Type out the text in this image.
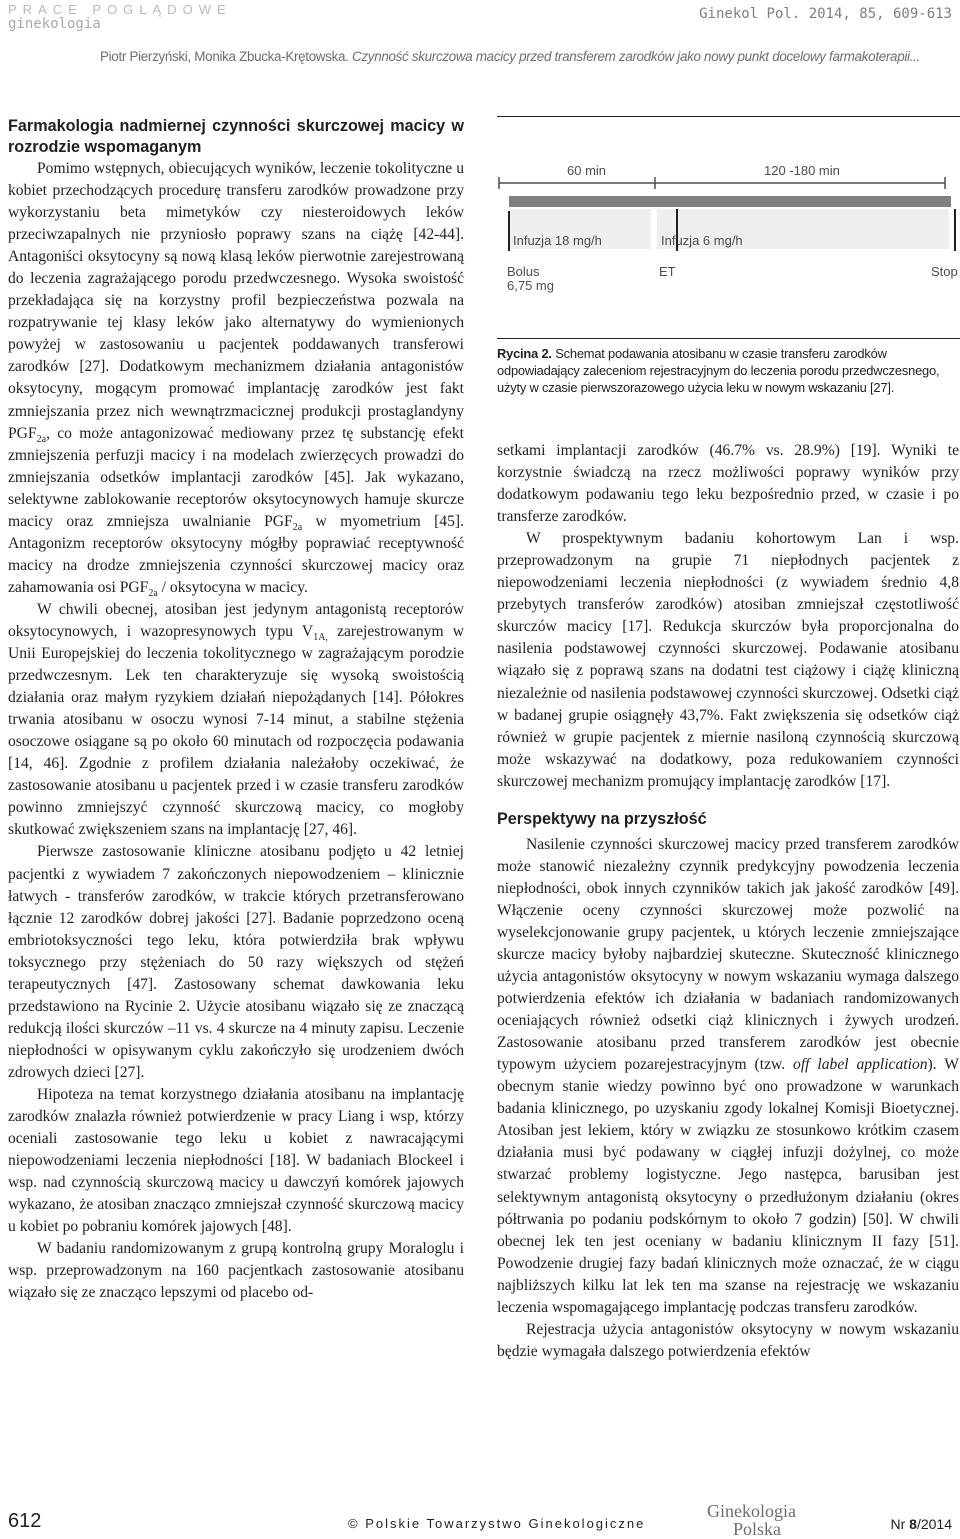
PRACE POGLĄDOWE
ginekologia
Ginekol Pol. 2014, 85, 609-613
Piotr Pierzyński, Monika Zbucka-Krętowska. Czynność skurczowa macicy przed transferem zarodków jako nowy punkt docelowy farmakoterapii...
Farmakologia nadmiernej czynności skurczowej macicy w rozrodzie wspomaganym

Pomimo wstępnych, obiecujących wyników, leczenie tokolityczne u kobiet przechodzących procedurę transferu zarodków prowadzone przy wykorzystaniu beta mimetyków czy niesteroidowych leków przeciwzapalnych nie przyniosło poprawy szans na ciążę [42-44]. Antagoniści oksytocyny są nową klasą leków pierwotnie zarejestrowaną do leczenia zagrażającego porodu przedwczesnego. Wysoka swoistość przekładająca się na korzystny profil bezpieczeństwa pozwala na rozpatrywanie tej klasy leków jako alternatywy do wymienionych powyżej w zastosowaniu u pacjentek poddawanych transferowi zarodków [27]. Dodatkowym mechanizmem działania antagonistów oksytocyny, mogącym promować implantację zarodków jest fakt zmniejszania przez nich wewnątrzmacicznej produkcji prostaglandyny $PGF_{2a}$, co może antagonizować mediowany przez tę substancję efekt zmniejszenia perfuzji macicy i na modelach zwierzęcych prowadzi do zmniejszania odsetków implantacji zarodków [45]. Jak wykazano, selektywne zablokowanie receptorów oksytocynowych hamuje skurcze macicy oraz zmniejsza uwalnianie $PGF_{2a}$ w myometrium [45]. Antagonizm receptorów oksytocyny mógłby poprawiać receptywność macicy na drodze zmniejszenia czynności skurczowej macicy oraz zahamowania osi $PGF_{2a}$ / oksytocyna w macicy.

W chwili obecnej, atosiban jest jedynym antagonistą receptorów oksytocynowych, i wazopresynowych typu $V_{1A,}$ zarejestrowanym w Unii Europejskiej do leczenia tokolitycznego w zagrażającym porodzie przedwczesnym. Lek ten charakteryzuje się wysoką swoistością działania oraz małym ryzykiem działań niepożądanych [14]. Półokres trwania atosibanu w osoczu wynosi 7-14 minut, a stabilne stężenia osoczowe osiągane są po około 60 minutach od rozpoczęcia podawania [14, 46]. Zgodnie z profilem działania należałoby oczekiwać, że zastosowanie atosibanu u pacjentek przed i w czasie transferu zarodków powinno zmniejszyć czynność skurczową macicy, co mogłoby skutkować zwiększeniem szans na implantację [27, 46].

Pierwsze zastosowanie kliniczne atosibanu podjęto u 42 letniej pacjentki z wywiadem 7 zakończonych niepowodzeniem – klinicznie łatwych - transferów zarodków, w trakcie których przetransferowano łącznie 12 zarodków dobrej jakości [27]. Badanie poprzedzono oceną embriotoksyczności tego leku, która potwierdziła brak wpływu toksycznego przy stężeniach do 50 razy większych od stężeń terapeutycznych [47]. Zastosowany schemat dawkowania leku przedstawiono na Rycinie 2. Użycie atosibanu wiązało się ze znaczącą redukcją ilości skurczów –11 vs. 4 skurcze na 4 minuty zapisu. Leczenie niepłodności w opisywanym cyklu zakończyło się urodzeniem dwóch zdrowych dzieci [27].

Hipoteza na temat korzystnego działania atosibanu na implantację zarodków znalazła również potwierdzenie w pracy Liang i wsp, którzy oceniali zastosowanie tego leku u kobiet z nawracającymi niepowodzeniami leczenia niepłodności [18]. W badaniach Blockeel i wsp. nad czynnością skurczową macicy u dawczyń komórek jajowych wykazano, że atosiban znacząco zmniejszał czynność skurczową macicy u kobiet po pobraniu komórek jajowych [48].

W badaniu randomizowanym z grupą kontrolną grupy Moraloglu i wsp. przeprowadzonym na 160 pacjentkach zastosowanie atosibanu wiązało się ze znacząco lepszymi od placebo od-

60 min	120 -180 min
Infuzja 18 mg/h	Infuzja 6 mg/h
Bolus
6,75 mg
ET	Stop
Rycina 2. Schemat podawania atosibanu w czasie transferu zarodków odpowiadający zaleceniom rejestracyjnym do leczenia porodu przedwczesnego, użyty w czasie pierwszorazowego użycia leku w nowym wskazaniu [27].

setkami implantacji zarodków (46.7% vs. 28.9%) [19]. Wyniki te korzystnie świadczą na rzecz możliwości poprawy wyników przy dodatkowym podawaniu tego leku bezpośrednio przed, w czasie i po transferze zarodków.

W prospektywnym badaniu kohortowym Lan i wsp. przeprowadzonym na grupie 71 niepłodnych pacjentek z niepowodzeniami leczenia niepłodności (z wywiadem średnio 4,8 przebytych transferów zarodków) atosiban zmniejszał częstotliwość skurczów macicy [17]. Redukcja skurczów była proporcjonalna do nasilenia podstawowej czynności skurczowej. Podawanie atosibanu wiązało się z poprawą szans na dodatni test ciążowy i ciążę kliniczną niezależnie od nasilenia podstawowej czynności skurczowej. Odsetki ciąż w badanej grupie osiągnęły 43,7%. Fakt zwiększenia się odsetków ciąż również w grupie pacjentek z miernie nasiloną czynnością skurczową może wskazywać na dodatkowy, poza redukowaniem czynności skurczowej mechanizm promujący implantację zarodków [17].

Perspektywy na przyszłość

Nasilenie czynności skurczowej macicy przed transferem zarodków może stanowić niezależny czynnik predykcyjny powodzenia leczenia niepłodności, obok innych czynników takich jak jakość zarodków [49]. Włączenie oceny czynności skurczowej może pozwolić na wyselekcjonowanie grupy pacjentek, u których leczenie zmniejszające skurcze macicy byłoby najbardziej skuteczne. Skuteczność klinicznego użycia antagonistów oksytocyny w nowym wskazaniu wymaga dalszego potwierdzenia efektów ich działania w badaniach randomizowanych oceniających również odsetki ciąż klinicznych i żywych urodzeń. Zastosowanie atosibanu przed transferem zarodków jest obecnie typowym użyciem pozarejestracyjnym (tzw. off label application). W obecnym stanie wiedzy powinno być ono prowadzone w warunkach badania klinicznego, po uzyskaniu zgody lokalnej Komisji Bioetycznej. Atosiban jest lekiem, który w związku ze stosunkowo krótkim czasem działania musi być podawany w ciągłej infuzji dożylnej, co może stwarzać problemy logistyczne. Jego następca, barusiban jest selektywnym antagonistą oksytocyny o przedłużonym działaniu (okres półtrwania po podaniu podskórnym to około 7 godzin) [50]. W chwili obecnej lek ten jest oceniany w badaniu klinicznym II fazy [51]. Powodzenie drugiej fazy badań klinicznych może oznaczać, że w ciągu najbliższych kilku lat lek ten ma szanse na rejestrację we wskazaniu leczenia wspomagającego implantację podczas transferu zarodków.

Rejestracja użycia antagonistów oksytocyny w nowym wskazaniu będzie wymagała dalszego potwierdzenia efektów

612	© Polskie Towarzystwo Ginekologiczne
Ginekologia
Polska	Nr 8/2014
